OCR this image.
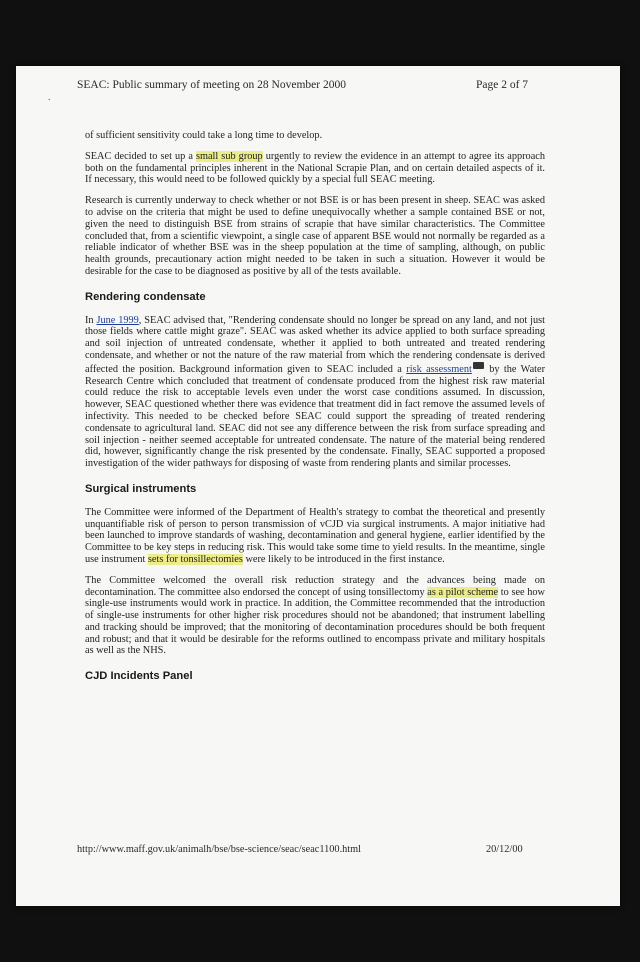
.
SEAC: Public summary of meeting on 28 November 2000	Page 2 of 7

of sufficient sensitivity could take a long time to develop.

SEAC decided to set up a small sub group urgently to review the evidence in an attempt to agree its approach both on the fundamental principles inherent in the National Scrapie Plan, and on certain detailed aspects of it. If necessary, this would need to be followed quickly by a special full SEAC meeting.

Research is currently underway to check whether or not BSE is or has been present in sheep. SEAC was asked to advise on the criteria that might be used to define unequivocally whether a sample contained BSE or not, given the need to distinguish BSE from strains of scrapie that have similar characteristics. The Committee concluded that, from a scientific viewpoint, a single case of apparent BSE would not normally be regarded as a reliable indicator of whether BSE was in the sheep population at the time of sampling, although, on public health grounds, precautionary action might needed to be taken in such a situation. However it would be desirable for the case to be diagnosed as positive by all of the tests available.

Rendering condensate

In June 1999, SEAC advised that, "Rendering condensate should no longer be spread on any land, and not just those fields where cattle might graze". SEAC was asked whether its advice applied to both surface spreading and soil injection of untreated condensate, whether it applied to both untreated and treated rendering condensate, and whether or not the nature of the raw material from which the rendering condensate is derived affected the position. Background information given to SEAC included a risk assessment by the Water Research Centre which concluded that treatment of condensate produced from the highest risk raw material could reduce the risk to acceptable levels even under the worst case conditions assumed. In discussion, however, SEAC questioned whether there was evidence that treatment did in fact remove the assumed levels of infectivity. This needed to be checked before SEAC could support the spreading of treated rendering condensate to agricultural land. SEAC did not see any difference between the risk from surface spreading and soil injection - neither seemed acceptable for untreated condensate. The nature of the material being rendered did, however, significantly change the risk presented by the condensate. Finally, SEAC supported a proposed investigation of the wider pathways for disposing of waste from rendering plants and similar processes.

Surgical instruments

The Committee were informed of the Department of Health's strategy to combat the theoretical and presently unquantifiable risk of person to person transmission of vCJD via surgical instruments. A major initiative had been launched to improve standards of washing, decontamination and general hygiene, earlier identified by the Committee to be key steps in reducing risk. This would take some time to yield results. In the meantime, single use instrument sets for tonsillectomies were likely to be introduced in the first instance.

The Committee welcomed the overall risk reduction strategy and the advances being made on decontamination. The committee also endorsed the concept of using tonsillectomy as a pilot scheme to see how single-use instruments would work in practice. In addition, the Committee recommended that the introduction of single-use instruments for other higher risk procedures should not be abandoned; that instrument labelling and tracking should be improved; that the monitoring of decontamination procedures should be both frequent and robust; and that it would be desirable for the reforms outlined to encompass private and military hospitals as well as the NHS.

CJD Incidents Panel
http://www.maff.gov.uk/animalh/bse/bse-science/seac/seac1100.html	20/12/00
